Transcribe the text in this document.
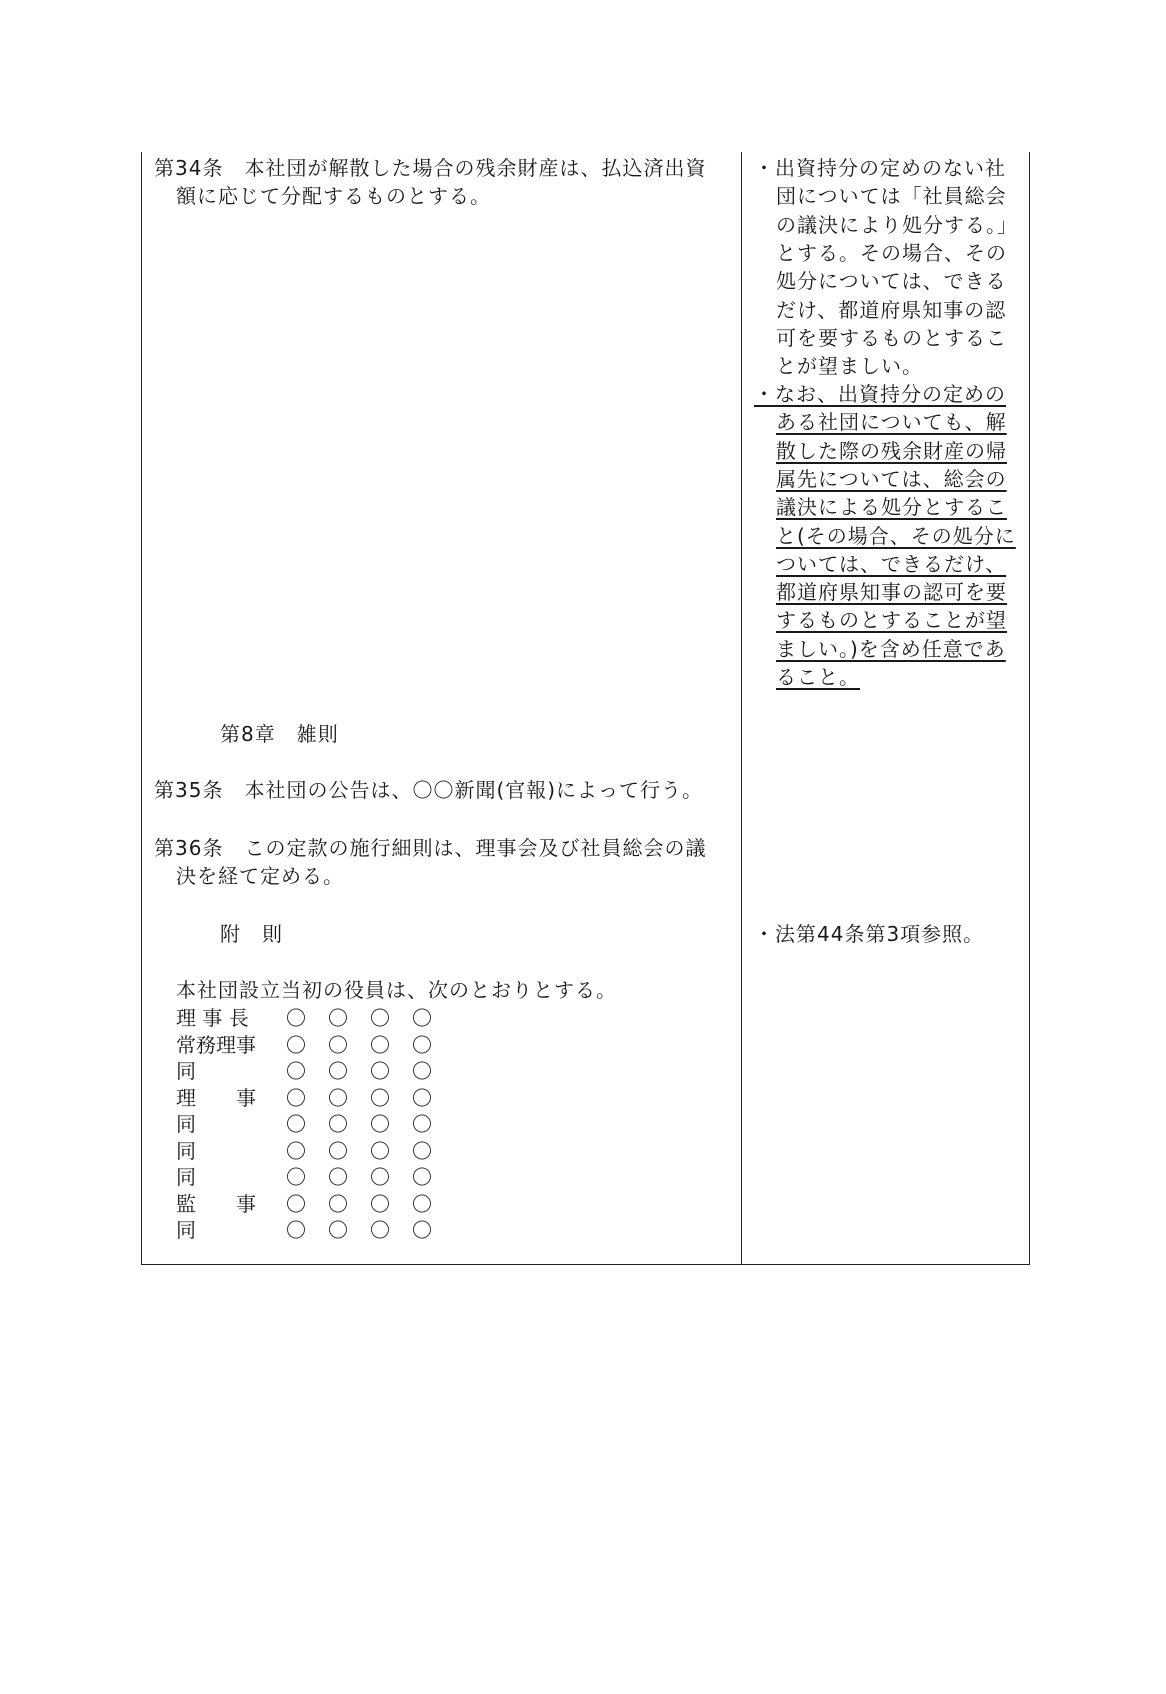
第34条　本社団が解散した場合の残余財産は、払込済出資
額に応じて分配するものとする。
第8章　雑則
第35条　本社団の公告は、〇〇新聞(官報)によって行う。
第36条　この定款の施行細則は、理事会及び社員総会の議
決を経て定める。
附　則
本社団設立当初の役員は、次のとおりとする。
理 事 長 〇〇〇〇
常務理事 〇〇〇〇
同	〇〇〇〇
理　　事 〇〇〇〇
同	〇〇〇〇
同	〇〇〇〇
同	〇〇〇〇
監　　事 〇〇〇〇
同	〇〇〇〇
・出資持分の定めのない社
団については「社員総会
の議決により処分する。」
とする。その場合、その
処分については、できる
だけ、都道府県知事の認
可を要するものとするこ
とが望ましい。
・なお、出資持分の定めの
ある社団についても、解
散した際の残余財産の帰
属先については、総会の
議決による処分とするこ
と(その場合、その処分に
ついては、できるだけ、
都道府県知事の認可を要
するものとすることが望
ましい。)を含め任意であ
ること。
・法第44条第3項参照。
